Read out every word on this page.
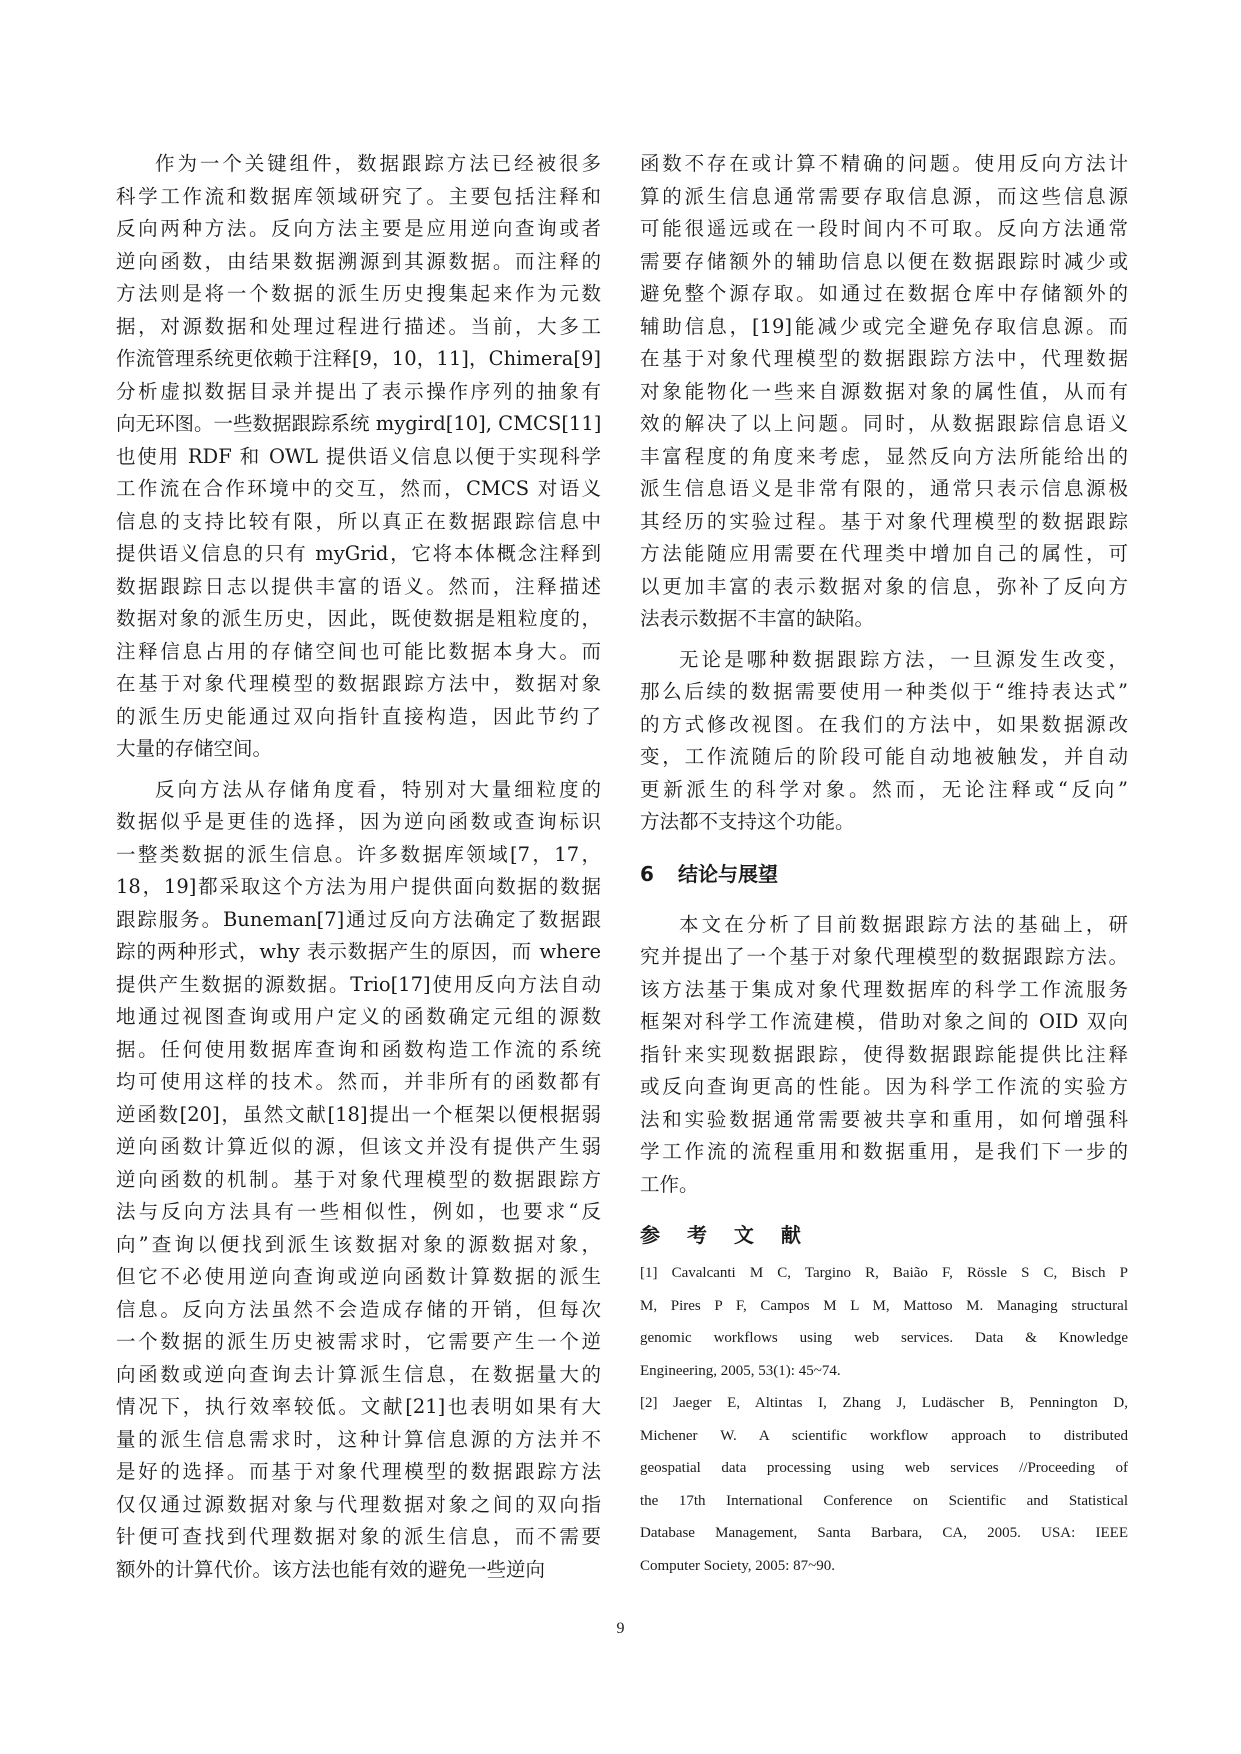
作为一个关键组件，数据跟踪方法已经被很多
科学工作流和数据库领域研究了。主要包括注释和
反向两种方法。反向方法主要是应用逆向查询或者
逆向函数，由结果数据溯源到其源数据。而注释的
方法则是将一个数据的派生历史搜集起来作为元数
据，对源数据和处理过程进行描述。当前，大多工
作流管理系统更依赖于注释[9，10，11]，Chimera[9]
分析虚拟数据目录并提出了表示操作序列的抽象有
向无环图。一些数据跟踪系统 mygird[10], CMCS[11]
也使用 RDF 和 OWL 提供语义信息以便于实现科学
工作流在合作环境中的交互，然而，CMCS 对语义
信息的支持比较有限，所以真正在数据跟踪信息中
提供语义信息的只有 myGrid，它将本体概念注释到
数据跟踪日志以提供丰富的语义。然而，注释描述
数据对象的派生历史，因此，既使数据是粗粒度的，
注释信息占用的存储空间也可能比数据本身大。而
在基于对象代理模型的数据跟踪方法中，数据对象
的派生历史能通过双向指针直接构造，因此节约了
大量的存储空间。
反向方法从存储角度看，特别对大量细粒度的
数据似乎是更佳的选择，因为逆向函数或查询标识
一整类数据的派生信息。许多数据库领域[7，17，
18，19]都采取这个方法为用户提供面向数据的数据
跟踪服务。Buneman[7]通过反向方法确定了数据跟
踪的两种形式，why 表示数据产生的原因，而 where
提供产生数据的源数据。Trio[17]使用反向方法自动
地通过视图查询或用户定义的函数确定元组的源数
据。任何使用数据库查询和函数构造工作流的系统
均可使用这样的技术。然而，并非所有的函数都有
逆函数[20]，虽然文献[18]提出一个框架以便根据弱
逆向函数计算近似的源，但该文并没有提供产生弱
逆向函数的机制。基于对象代理模型的数据跟踪方
法与反向方法具有一些相似性，例如，也要求“反
向”查询以便找到派生该数据对象的源数据对象，
但它不必使用逆向查询或逆向函数计算数据的派生
信息。反向方法虽然不会造成存储的开销，但每次
一个数据的派生历史被需求时，它需要产生一个逆
向函数或逆向查询去计算派生信息，在数据量大的
情况下，执行效率较低。文献[21]也表明如果有大
量的派生信息需求时，这种计算信息源的方法并不
是好的选择。而基于对象代理模型的数据跟踪方法
仅仅通过源数据对象与代理数据对象之间的双向指
针便可查找到代理数据对象的派生信息，而不需要
额外的计算代价。该方法也能有效的避免一些逆向
函数不存在或计算不精确的问题。使用反向方法计
算的派生信息通常需要存取信息源，而这些信息源
可能很遥远或在一段时间内不可取。反向方法通常
需要存储额外的辅助信息以便在数据跟踪时减少或
避免整个源存取。如通过在数据仓库中存储额外的
辅助信息，[19]能减少或完全避免存取信息源。而
在基于对象代理模型的数据跟踪方法中，代理数据
对象能物化一些来自源数据对象的属性值，从而有
效的解决了以上问题。同时，从数据跟踪信息语义
丰富程度的角度来考虑，显然反向方法所能给出的
派生信息语义是非常有限的，通常只表示信息源极
其经历的实验过程。基于对象代理模型的数据跟踪
方法能随应用需要在代理类中增加自己的属性，可
以更加丰富的表示数据对象的信息，弥补了反向方
法表示数据不丰富的缺陷。
无论是哪种数据跟踪方法，一旦源发生改变，
那么后续的数据需要使用一种类似于“维持表达式”
的方式修改视图。在我们的方法中，如果数据源改
变，工作流随后的阶段可能自动地被触发，并自动
更新派生的科学对象。然而，无论注释或“反向”
方法都不支持这个功能。
6 结论与展望
本文在分析了目前数据跟踪方法的基础上，研
究并提出了一个基于对象代理模型的数据跟踪方法。
该方法基于集成对象代理数据库的科学工作流服务
框架对科学工作流建模，借助对象之间的 OID 双向
指针来实现数据跟踪，使得数据跟踪能提供比注释
或反向查询更高的性能。因为科学工作流的实验方
法和实验数据通常需要被共享和重用，如何增强科
学工作流的流程重用和数据重用，是我们下一步的
工作。
参 考 文 献
[1] Cavalcanti M C, Targino R, Baião F, Rössle S C, Bisch P
M, Pires P F, Campos M L M, Mattoso M. Managing structural
genomic workflows using web services. Data & Knowledge
Engineering, 2005, 53(1): 45~74.
[2] Jaeger E, Altintas I, Zhang J, Ludäscher B, Pennington D,
Michener W. A scientific workflow approach to distributed
geospatial data processing using web services //Proceeding of
the 17th International Conference on Scientific and Statistical
Database Management, Santa Barbara, CA, 2005. USA: IEEE
Computer Society, 2005: 87~90.
9
